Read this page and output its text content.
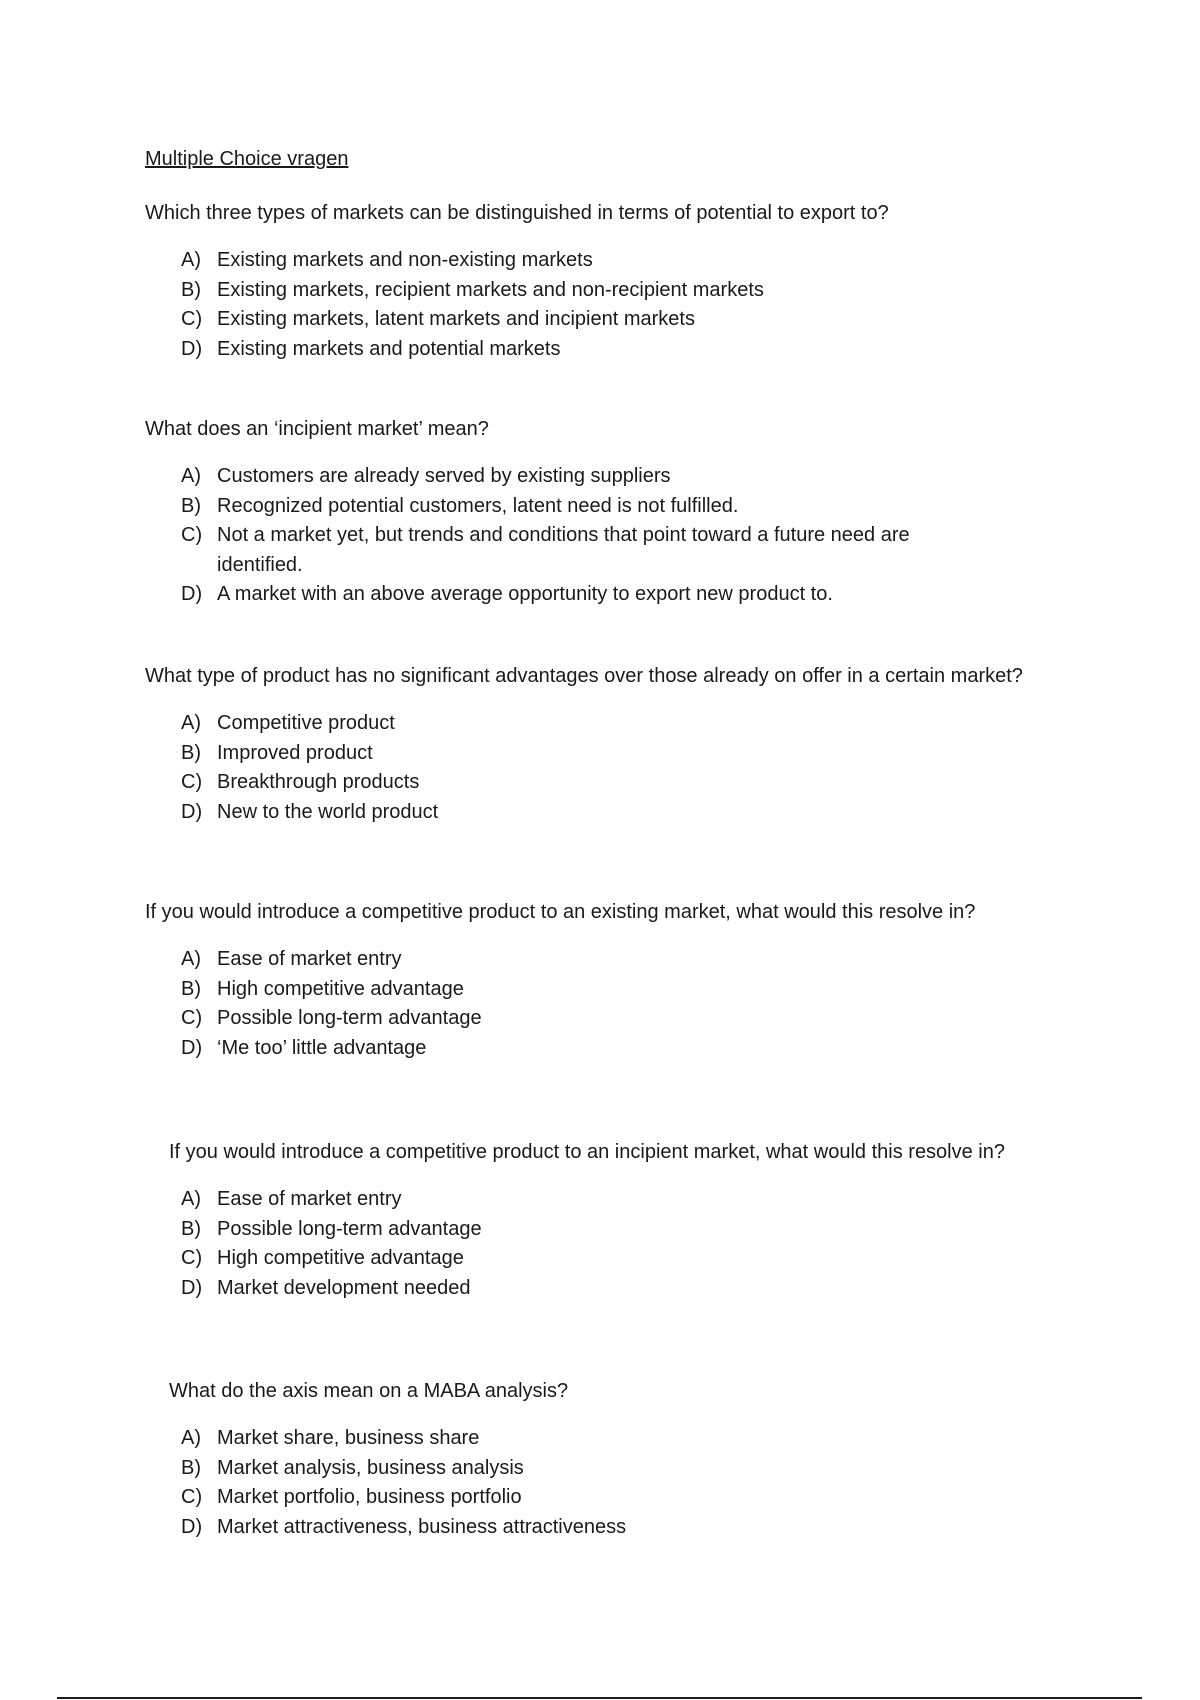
Multiple Choice vragen

Which three types of markets can be distinguished in terms of potential to export to?

A) Existing markets and non-existing markets
B) Existing markets, recipient markets and non-recipient markets
C) Existing markets, latent markets and incipient markets
D) Existing markets and potential markets

What does an ‘incipient market’ mean?

A) Customers are already served by existing suppliers
B) Recognized potential customers, latent need is not fulfilled.
C) Not a market yet, but trends and conditions that point toward a future need are identified.
D) A market with an above average opportunity to export new product to.

What type of product has no significant advantages over those already on offer in a certain market?

A) Competitive product
B) Improved product
C) Breakthrough products
D) New to the world product

If you would introduce a competitive product to an existing market, what would this resolve in?

A) Ease of market entry
B) High competitive advantage
C) Possible long-term advantage
D) ‘Me too’ little advantage

If you would introduce a competitive product to an incipient market, what would this resolve in?

A) Ease of market entry
B) Possible long-term advantage
C) High competitive advantage
D) Market development needed

What do the axis mean on a MABA analysis?

A) Market share, business share
B) Market analysis, business analysis
C) Market portfolio, business portfolio
D) Market attractiveness, business attractiveness
